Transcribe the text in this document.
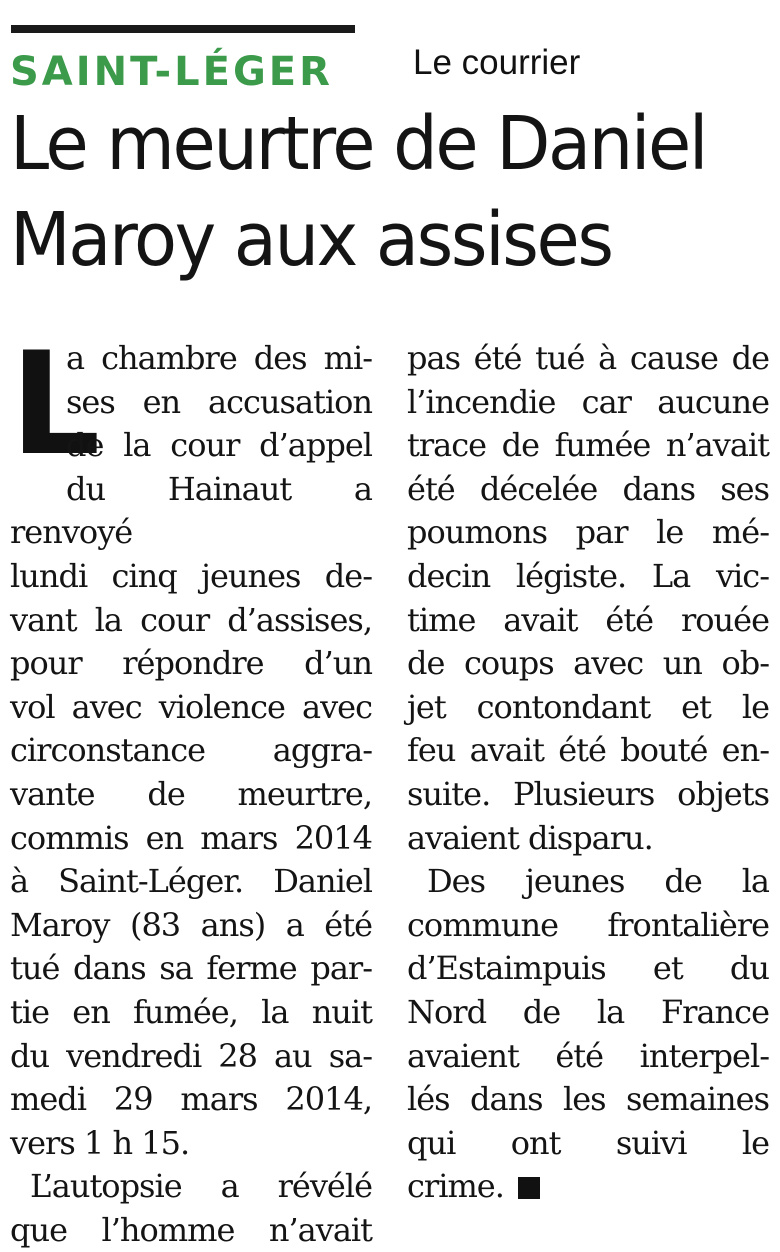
SAINT-LÉGER Le courrier
Le meurtre de Daniel
Maroy aux assises
L

a chambre des mi-
ses en accusation
de la cour d’appel
du Hainaut a renvoyé
lundi cinq jeunes de-
vant la cour d’assises,
pour répondre d’un
vol avec violence avec
circonstance aggra-
vante de meurtre,
commis en mars 2014
à Saint-Léger. Daniel
Maroy (83 ans) a été
tué dans sa ferme par-
tie en fumée, la nuit
du vendredi 28 au sa-
medi 29 mars 2014,

vers 1 h 15.

L’autopsie a révélé
que l’homme n’avait

pas été tué à cause de
l’incendie car aucune
trace de fumée n’avait
été décelée dans ses
poumons par le mé-
decin légiste. La vic-
time avait été rouée
de coups avec un ob-
jet contondant et le
feu avait été bouté en-
suite. Plusieurs objets

avaient disparu.

Des jeunes de la
commune frontalière
d’Estaimpuis et du
Nord de la France
avaient été interpel-
lés dans les semaines
qui ont suivi le

crime.
